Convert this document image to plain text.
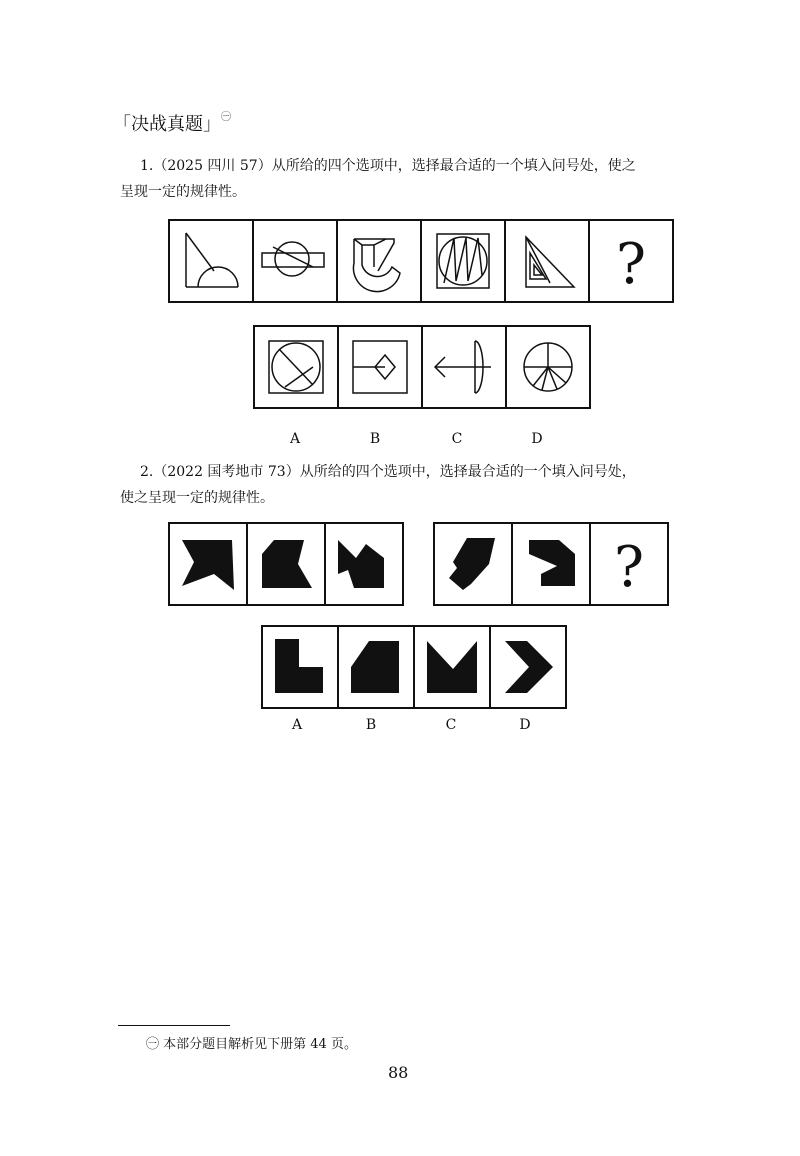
「决战真题」$^㊀$
1.（2025 四川 57）从所给的四个选项中，选择最合适的一个填入问号处，使之
呈现一定的规律性。
?
A	B	C	D
2.（2022 国考地市 73）从所给的四个选项中，选择最合适的一个填入问号处，
使之呈现一定的规律性。
?
A	B	C	D
㊀ 本部分题目解析见下册第 44 页。
88
